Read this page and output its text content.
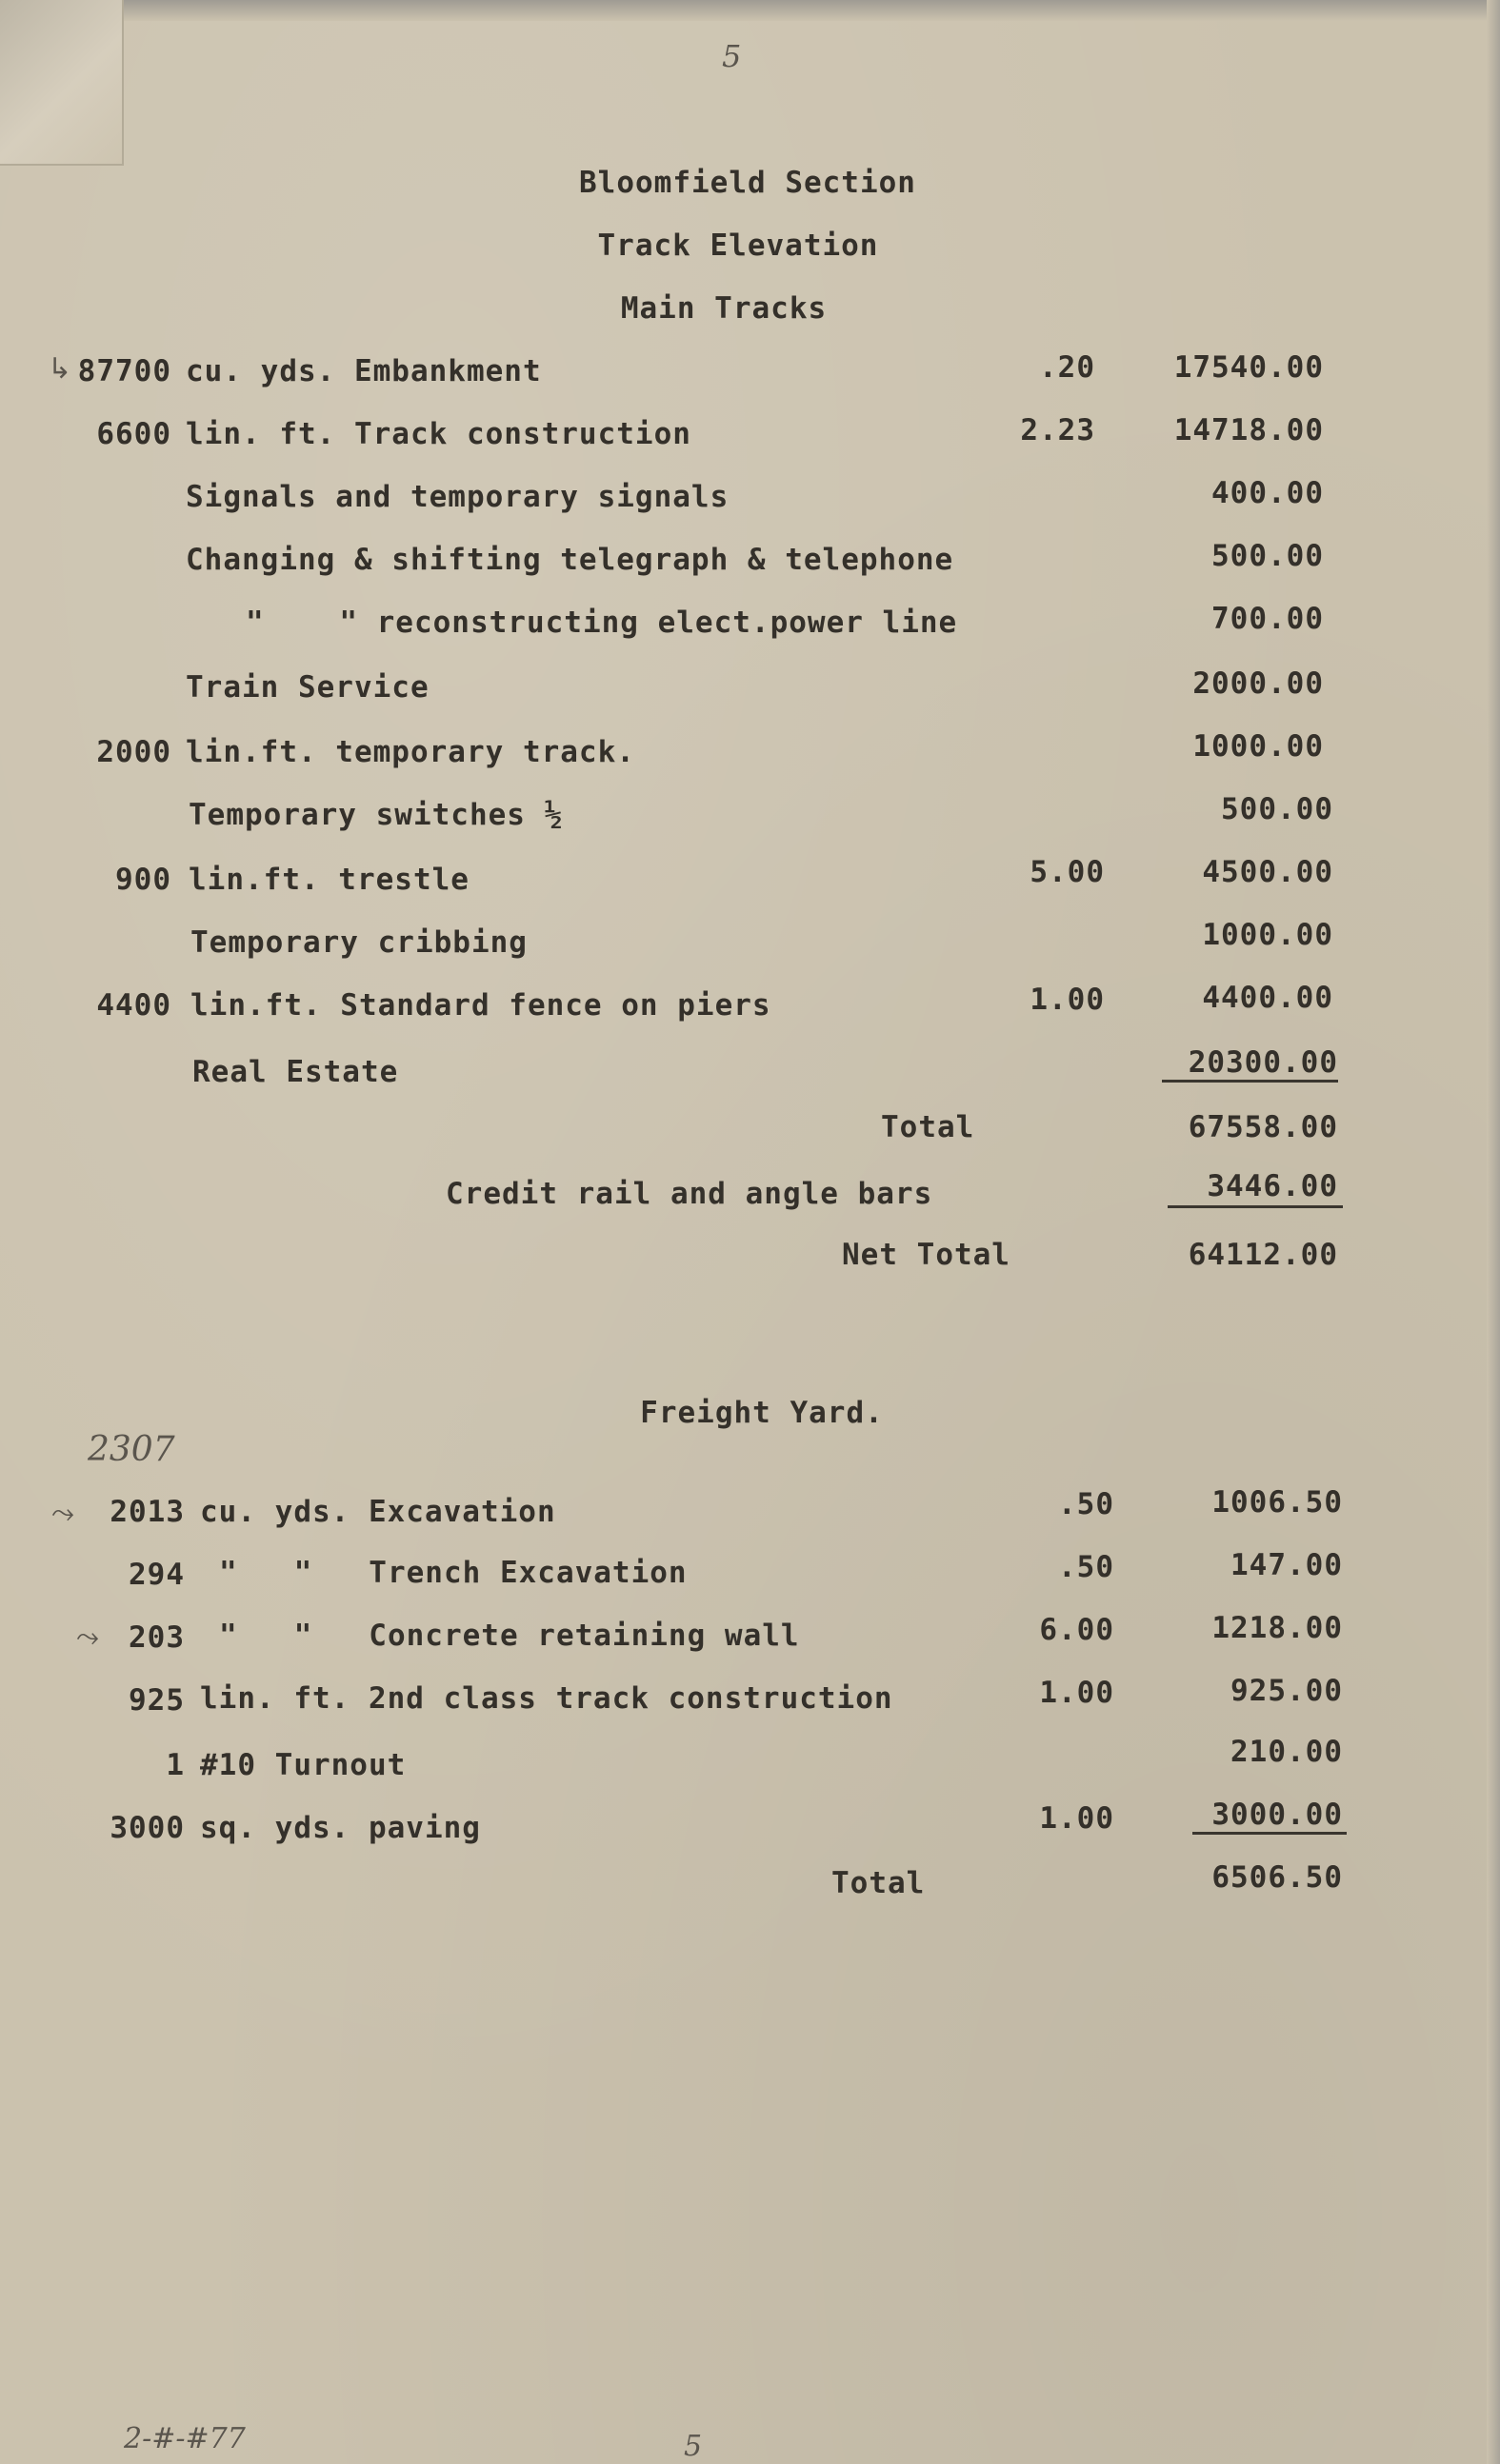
5
Bloomfield Section
Track Elevation
Main Tracks
↳ 87700 cu. yds. Embankment	.20	17540.00
6600 lin. ft. Track construction	2.23	14718.00
Signals and temporary signals	400.00
Changing & shifting telegraph & telephone	500.00
"    " reconstructing elect.power line	700.00
Train Service	2000.00
2000 lin.ft. temporary track.	1000.00
Temporary switches ½	500.00
900 lin.ft. trestle	5.00	4500.00
Temporary cribbing	1000.00
4400 lin.ft. Standard fence on piers	1.00	4400.00
Real Estate	20300.00
Total	67558.00
Credit rail and angle bars	3446.00
Net Total	64112.00
Freight Yard.
2307
⤳	2013 cu. yds. Excavation	.50	1006.50
294 "   "   Trench Excavation	.50	147.00
⤳	203 "   "   Concrete retaining wall	6.00	1218.00
925 lin. ft. 2nd class track construction	1.00	925.00
1 #10 Turnout	210.00
3000 sq. yds. paving	1.00	3000.00
Total	6506.50
2-#-#77	5
